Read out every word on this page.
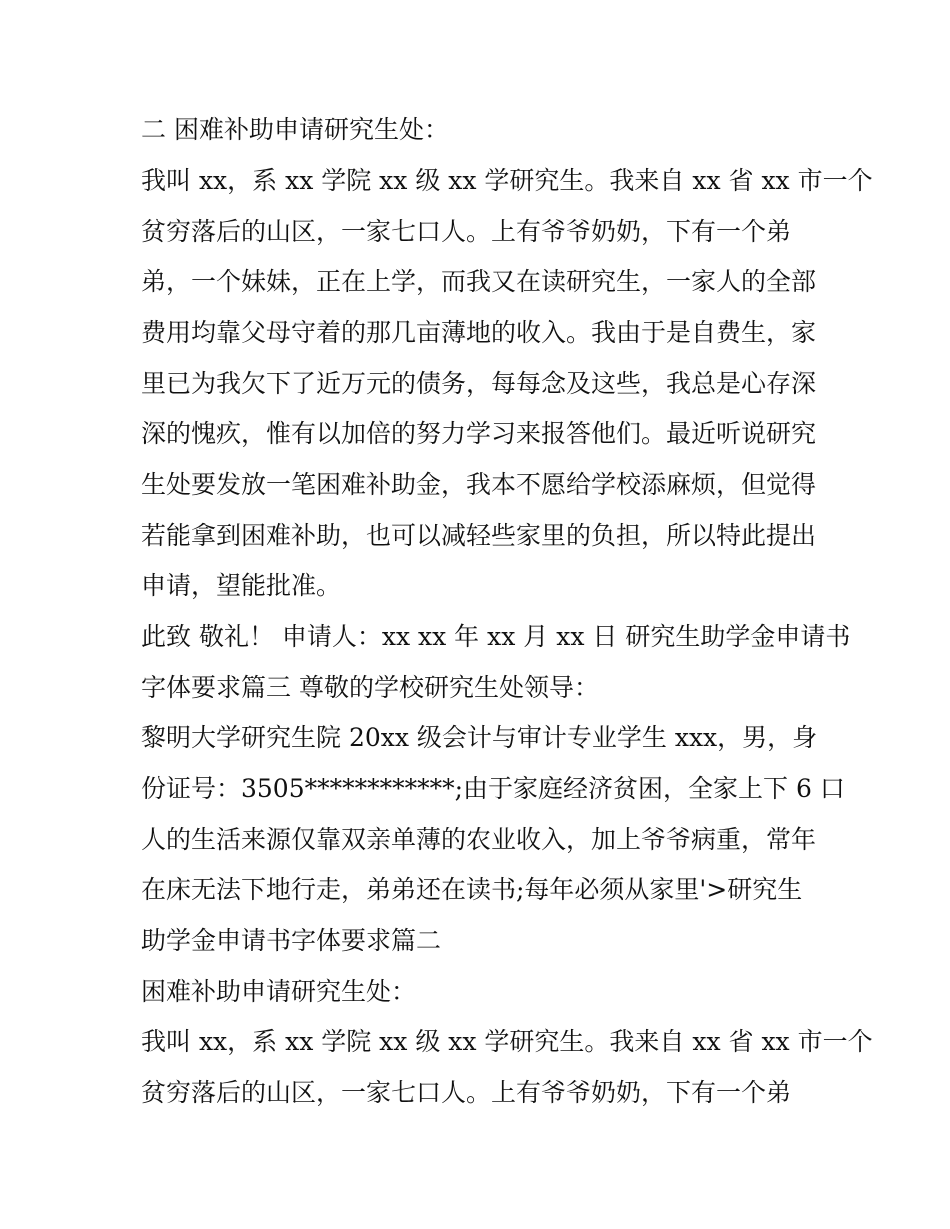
二 困难补助申请研究生处：
我叫 xx，系 xx 学院 xx 级 xx 学研究生。我来自 xx 省 xx 市一个
贫穷落后的山区，一家七口人。上有爷爷奶奶，下有一个弟
弟，一个妹妹，正在上学，而我又在读研究生，一家人的全部
费用均靠父母守着的那几亩薄地的收入。我由于是自费生，家
里已为我欠下了近万元的债务，每每念及这些，我总是心存深
深的愧疚，惟有以加倍的努力学习来报答他们。最近听说研究
生处要发放一笔困难补助金，我本不愿给学校添麻烦，但觉得
若能拿到困难补助，也可以减轻些家里的负担，所以特此提出
申请，望能批准。
此致 敬礼！ 申请人：xx xx 年 xx 月 xx 日 研究生助学金申请书
字体要求篇三 尊敬的学校研究生处领导：
黎明大学研究生院 20xx 级会计与审计专业学生 xxx，男，身
份证号：3505************;由于家庭经济贫困，全家上下 6 口
人的生活来源仅靠双亲单薄的农业收入，加上爷爷病重，常年
在床无法下地行走，弟弟还在读书;每年必须从家里'>研究生
助学金申请书字体要求篇二
困难补助申请研究生处：
我叫 xx，系 xx 学院 xx 级 xx 学研究生。我来自 xx 省 xx 市一个
贫穷落后的山区，一家七口人。上有爷爷奶奶，下有一个弟
